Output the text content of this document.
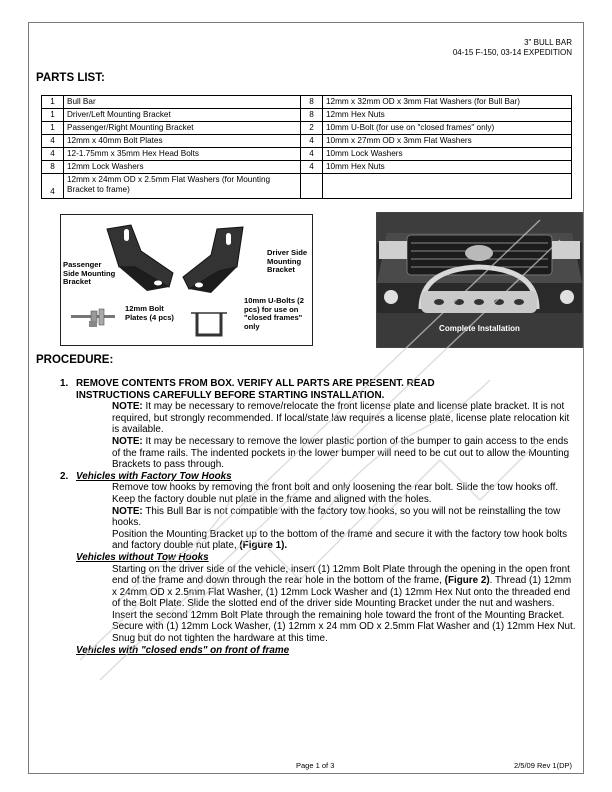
3" BULL BAR
04-15 F-150, 03-14 EXPEDITION
PARTS LIST:
1	Bull Bar	8	12mm x 32mm OD x 3mm Flat Washers (for Bull Bar)
1	Driver/Left Mounting Bracket	8	12mm Hex Nuts
1	Passenger/Right Mounting Bracket	2	10mm U-Bolt (for use on "closed frames" only)
4	12mm x 40mm Bolt Plates	4	10mm x 27mm OD x 3mm Flat Washers
4	12-1.75mm x 35mm Hex Head Bolts	4	10mm Lock Washers
8	12mm Lock Washers	4	10mm Hex Nuts
4	12mm x 24mm OD x 2.5mm Flat Washers (for Mounting Bracket to frame)		
Passenger Side Mounting Bracket
Driver Side Mounting Bracket
12mm Bolt Plates (4 pcs)
10mm U-Bolts (2 pcs) for use on "closed frames" only	Complete Installation
PROCEDURE:
1. REMOVE CONTENTS FROM BOX. VERIFY ALL PARTS ARE PRESENT. READ
INSTRUCTIONS CAREFULLY BEFORE STARTING INSTALLATION.
NOTE: It may be necessary to remove/relocate the front license plate and license plate bracket. It is not required, but strongly recommended. If local/state law requires a license plate, license plate relocation kit is available.
NOTE: It may be necessary to remove the lower plastic portion of the bumper to gain access to the ends of the frame rails. The indented pockets in the lower bumper will need to be cut out to allow the Mounting Brackets to pass through.
2. Vehicles with Factory Tow Hooks
Remove tow hooks by removing the front bolt and only loosening the rear bolt. Slide the tow hooks off. Keep the factory double nut plate in the frame and aligned with the holes.
NOTE: This Bull Bar is not compatible with the factory tow hooks, so you will not be reinstalling the tow hooks.
Position the Mounting Bracket up to the bottom of the frame and secure it with the factory tow hook bolts and factory double nut plate, (Figure 1).
Vehicles without Tow Hooks
Starting on the driver side of the vehicle, insert (1) 12mm Bolt Plate through the opening in the open front end of the frame and down through the rear hole in the bottom of the frame, (Figure 2). Thread (1) 12mm x 24mm OD x 2.5mm Flat Washer, (1) 12mm Lock Washer and (1) 12mm Hex Nut onto the threaded end of the Bolt Plate. Slide the slotted end of the driver side Mounting Bracket under the nut and washers. Insert the second 12mm Bolt Plate through the remaining hole toward the front of the Mounting Bracket. Secure with (1) 12mm Lock Washer, (1) 12mm x 24 mm OD x 2.5mm Flat Washer and (1) 12mm Hex Nut. Snug but do not tighten the hardware at this time.
Vehicles with "closed ends" on front of frame
Page 1 of 3	2/5/09 Rev 1(DP)
